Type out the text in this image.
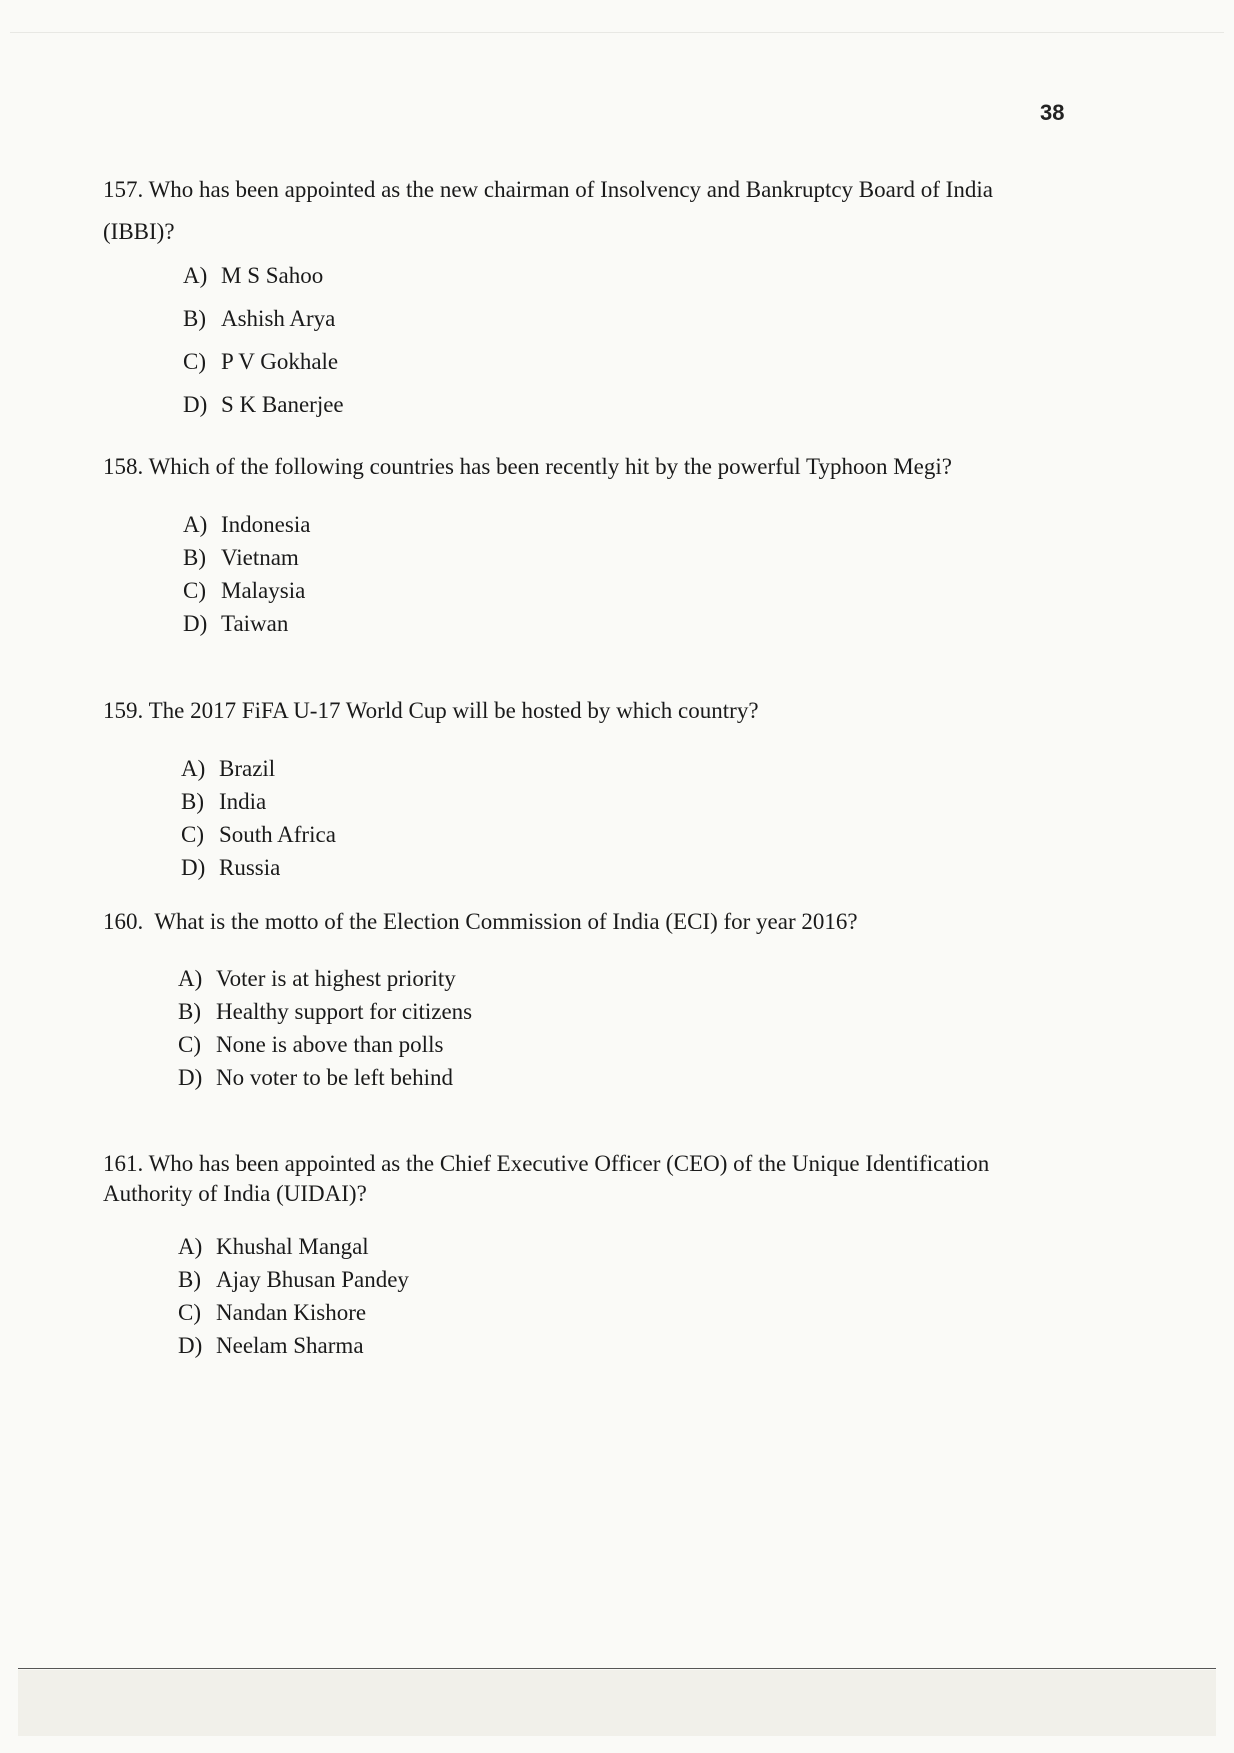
38
157. Who has been appointed as the new chairman of Insolvency and Bankruptcy Board of India
(IBBI)?
A) M S Sahoo
B) Ashish Arya
C) P V Gokhale
D) S K Banerjee
158. Which of the following countries has been recently hit by the powerful Typhoon Megi?
A) Indonesia
B) Vietnam
C) Malaysia
D) Taiwan
159. The 2017 FiFA U-17 World Cup will be hosted by which country?
A) Brazil
B) India
C) South Africa
D) Russia
160.  What is the motto of the Election Commission of India (ECI) for year 2016?
A) Voter is at highest priority
B) Healthy support for citizens
C) None is above than polls
D) No voter to be left behind
161. Who has been appointed as the Chief Executive Officer (CEO) of the Unique Identification
Authority of India (UIDAI)?
A) Khushal Mangal
B) Ajay Bhusan Pandey
C) Nandan Kishore
D) Neelam Sharma
